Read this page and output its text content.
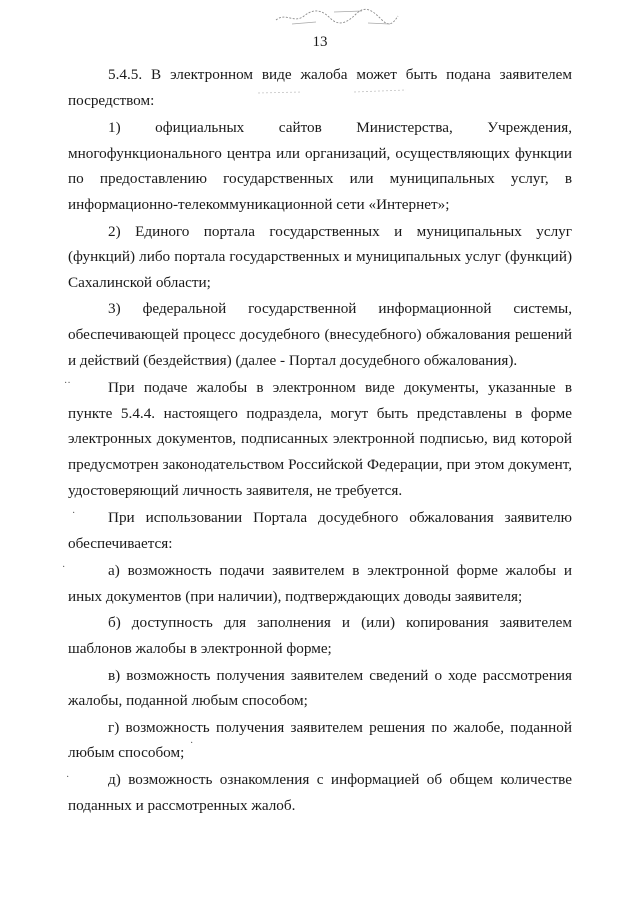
13

5.4.5. В электронном виде жалоба может быть подана заявителем посредством:

1) официальных сайтов Министерства, Учреждения, многофункционального центра или организаций, осуществляющих функции по предоставлению государственных или муниципальных услуг, в информационно-телекоммуникационной сети «Интернет»;

2) Единого портала государственных и муниципальных услуг (функций) либо портала государственных и муниципальных услуг (функций) Сахалинской области;

3) федеральной государственной информационной системы, обеспечивающей процесс досудебного (внесудебного) обжалования решений и действий (бездействия) (далее - Портал досудебного обжалования).

При подаче жалобы в электронном виде документы, указанные в пункте 5.4.4. настоящего подраздела, могут быть представлены в форме электронных документов, подписанных электронной подписью, вид которой предусмотрен законодательством Российской Федерации, при этом документ, удостоверяющий личность заявителя, не требуется.

При использовании Портала досудебного обжалования заявителю обеспечивается:

а) возможность подачи заявителем в электронной форме жалобы и иных документов (при наличии), подтверждающих доводы заявителя;

б) доступность для заполнения и (или) копирования заявителем шаблонов жалобы в электронной форме;

в) возможность получения заявителем сведений о ходе рассмотрения жалобы, поданной любым способом;

г) возможность получения заявителем решения по жалобе, поданной любым способом;

д) возможность ознакомления с информацией об общем количестве поданных и рассмотренных жалоб.

··
·
·
·
·
